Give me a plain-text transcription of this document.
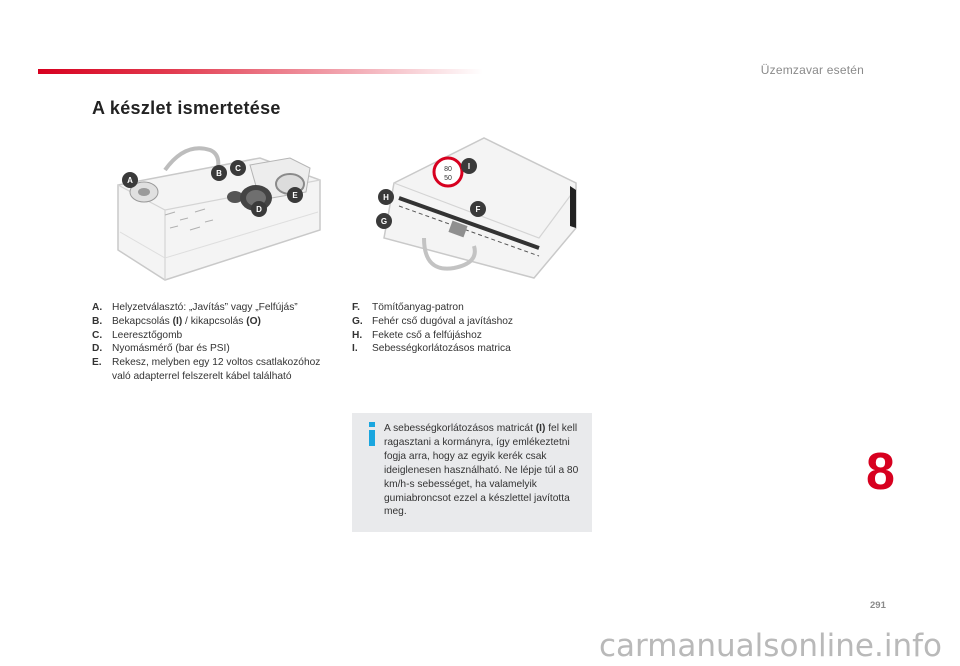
Üzemzavar esetén
A készlet ismertetése
A
B
C
D
E
80
50
I
H
F
G
A. Helyzetválasztó: „Javítás” vagy „Felfújás”
B. Bekapcsolás (I) / kikapcsolás (O)
C. Leeresztőgomb
D. Nyomásmérő (bar és PSI)
E.	Rekesz, melyben egy 12 voltos csatlakozóhoz való adapterrel felszerelt kábel található
F.	Tömítőanyag-patron
G. Fehér cső dugóval a javításhoz
H. Fekete cső a felfújáshoz
I.	Sebességkorlátozásos matrica
A sebességkorlátozásos matricát (I) fel kell ragasztani a kormányra, így emlékeztetni fogja arra, hogy az egyik kerék csak ideiglenesen használható. Ne lépje túl a 80 km/h-s sebességet, ha valamelyik gumiabroncsot ezzel a készlettel javította meg.
8
291
carmanualsonline.info
